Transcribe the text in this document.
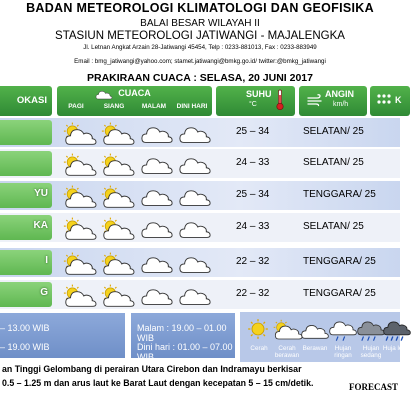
BADAN METEOROLOGI KLIMATOLOGI DAN GEOFISIKA
BALAI BESAR WILAYAH II
STASIUN METEOROLOGI JATIWANGI - MAJALENGKA
Jl. Letnan Angkat Arzain 28-Jatiwangi 45454, Telp : 0233-881013, Fax : 0233-883949
Email : bmg_jatiwangi@yahoo.com; stamet.jatiwangi@bmkg.go.id/ twitter:@bmkg_jatiwangi
PRAKIRAAN CUACA : SELASA, 20 JUNI 2017
OKASI
CUACA
PAGI	SIANG	MALAM	DINI HARI
SUHU
°C
ANGIN
km/h	K
25 – 34	SELATAN/ 25
24 – 33	SELATAN/ 25
YU	25 – 34	TENGGARA/ 25
KA	24 – 33	SELATAN/ 25
I	22 – 32	TENGGARA/ 25
G	22 – 32	TENGGARA/ 25
– 13.00 WIB
– 19.00 WIB
Malam : 19.00 – 01.00 WIB
Dini hari : 01.00 – 07.00 WIB
Cerah	Cerah berawan
Berawan	Hujan ringan
Hujan sedang
Huja lebat
an Tinggi Gelombang di perairan Utara Cirebon dan Indramayu berkisar
0.5 – 1.25 m dan arus laut ke Barat Laut dengan kecepatan 5 – 15 cm/detik.	FORECAST
